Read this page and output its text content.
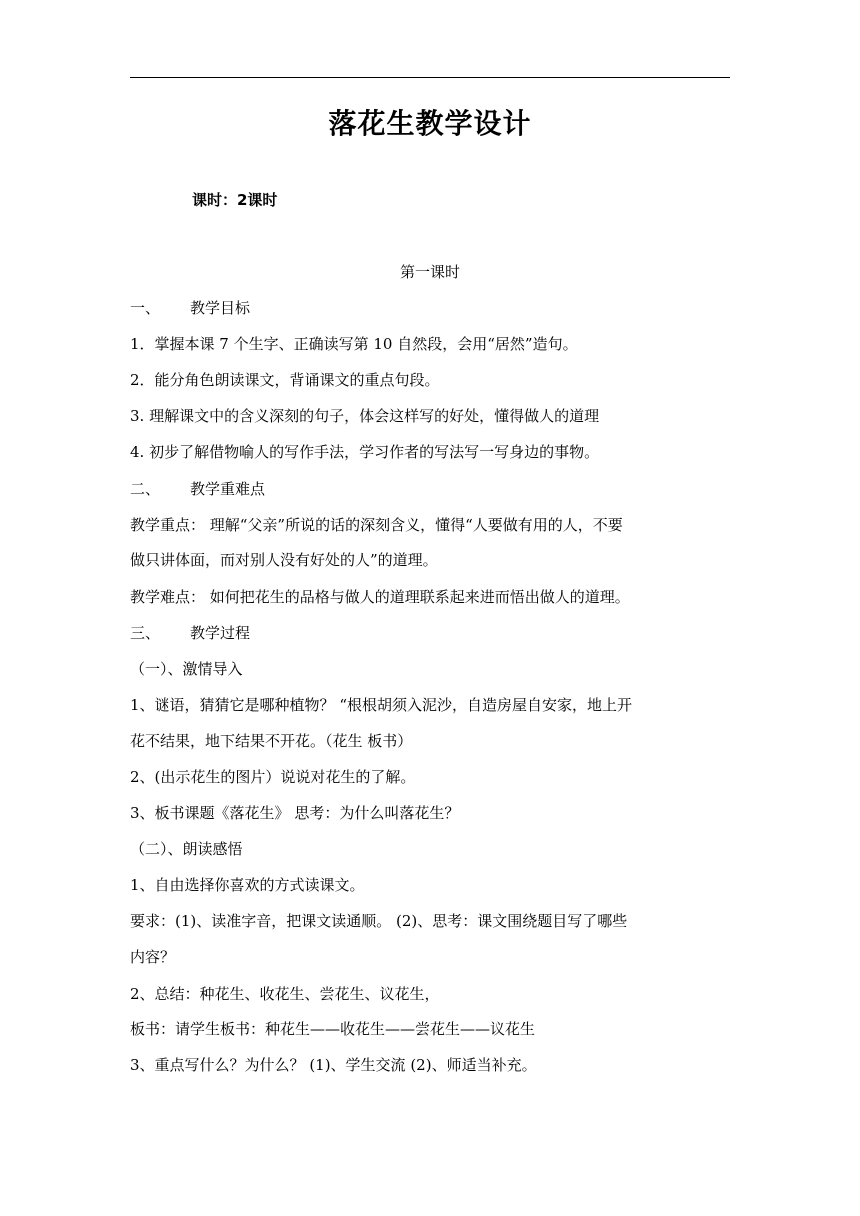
落花生教学设计
课时：2课时
第一课时
一、 教学目标
1．掌握本课 7 个生字、正确读写第 10 自然段，会用“居然”造句。
2．能分角色朗读课文，背诵课文的重点句段。
3. 理解课文中的含义深刻的句子，体会这样写的好处，懂得做人的道理
4. 初步了解借物喻人的写作手法，学习作者的写法写一写身边的事物。
二、 教学重难点
教学重点： 理解“父亲”所说的话的深刻含义，懂得“人要做有用的人，不要
做只讲体面，而对别人没有好处的人”的道理。
教学难点： 如何把花生的品格与做人的道理联系起来进而悟出做人的道理。
三、 教学过程
（一）、激情导入
1、谜语，猜猜它是哪种植物？ “根根胡须入泥沙，自造房屋自安家，地上开
花不结果，地下结果不开花。（花生 板书）
2、(出示花生的图片）说说对花生的了解。
3、板书课题《落花生》 思考：为什么叫落花生？
（二）、朗读感悟
1、自由选择你喜欢的方式读课文。
要求：(1)、读准字音，把课文读通顺。 (2)、思考：课文围绕题目写了哪些
内容？
2、总结：种花生、收花生、尝花生、议花生，
板书：请学生板书：种花生——收花生——尝花生——议花生
3、重点写什么？为什么？ (1)、学生交流 (2)、师适当补充。
